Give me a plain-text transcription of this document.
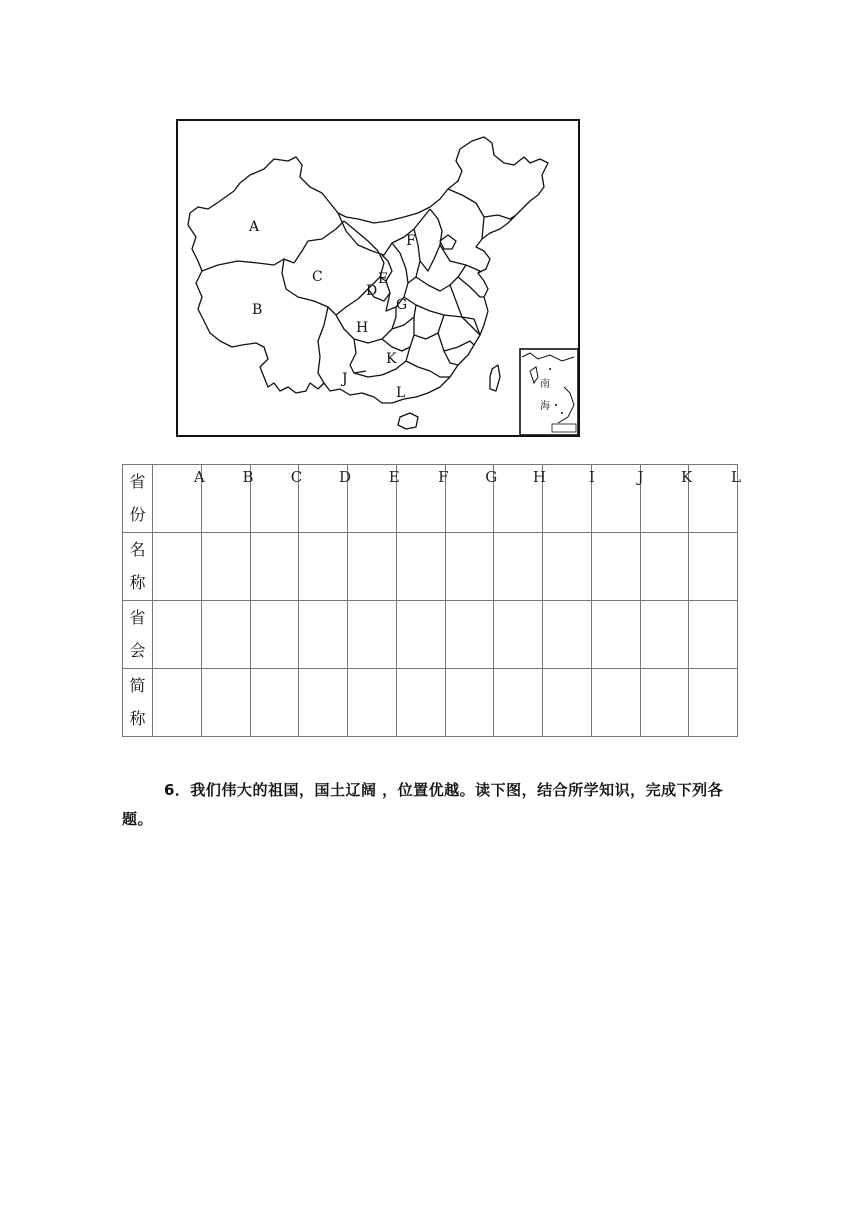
A
B
C
D
E
F
G
H
J
K
L
南
海
省
份	A	B	C	D	E	F	G	H	I	J	K	L

名
称												

省
会												

简
称												

6．我们伟大的祖国，国土辽阔 ，位置优越。读下图，结合所学知识，完成下列各题。
